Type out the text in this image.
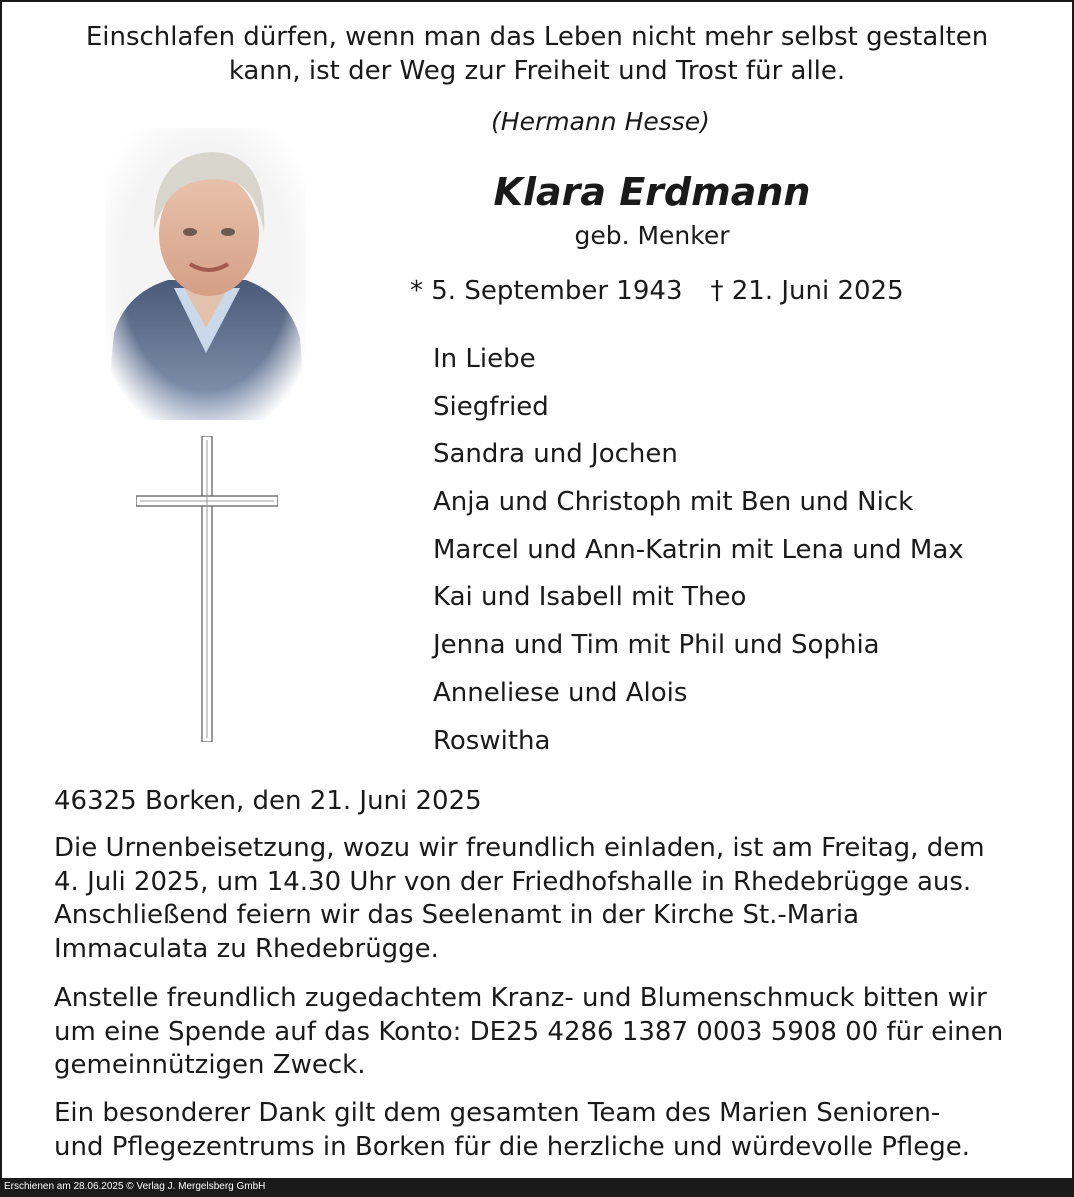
Einschlafen dürfen, wenn man das Leben nicht mehr selbst gestalten
kann, ist der Weg zur Freiheit und Trost für alle.
(Hermann Hesse)
Klara Erdmann
geb. Menker
* 5. September 1943 † 21. Juni 2025
In Liebe
Siegfried
Sandra und Jochen
Anja und Christoph mit Ben und Nick
Marcel und Ann-Katrin mit Lena und Max
Kai und Isabell mit Theo
Jenna und Tim mit Phil und Sophia
Anneliese und Alois
Roswitha
46325 Borken, den 21. Juni 2025

Die Urnenbeisetzung, wozu wir freundlich einladen, ist am Freitag, dem
4. Juli 2025, um 14.30 Uhr von der Friedhofshalle in Rhedebrügge aus.
Anschließend feiern wir das Seelenamt in der Kirche St.-Maria
Immaculata zu Rhedebrügge.

Anstelle freundlich zugedachtem Kranz- und Blumenschmuck bitten wir
um eine Spende auf das Konto: DE25 4286 1387 0003 5908 00 für einen
gemeinnützigen Zweck.

Ein besonderer Dank gilt dem gesamten Team des Marien Senioren-
und Pflegezentrums in Borken für die herzliche und würdevolle Pflege.

Erschienen am 28.06.2025 © Verlag J. Mergelsberg GmbH
